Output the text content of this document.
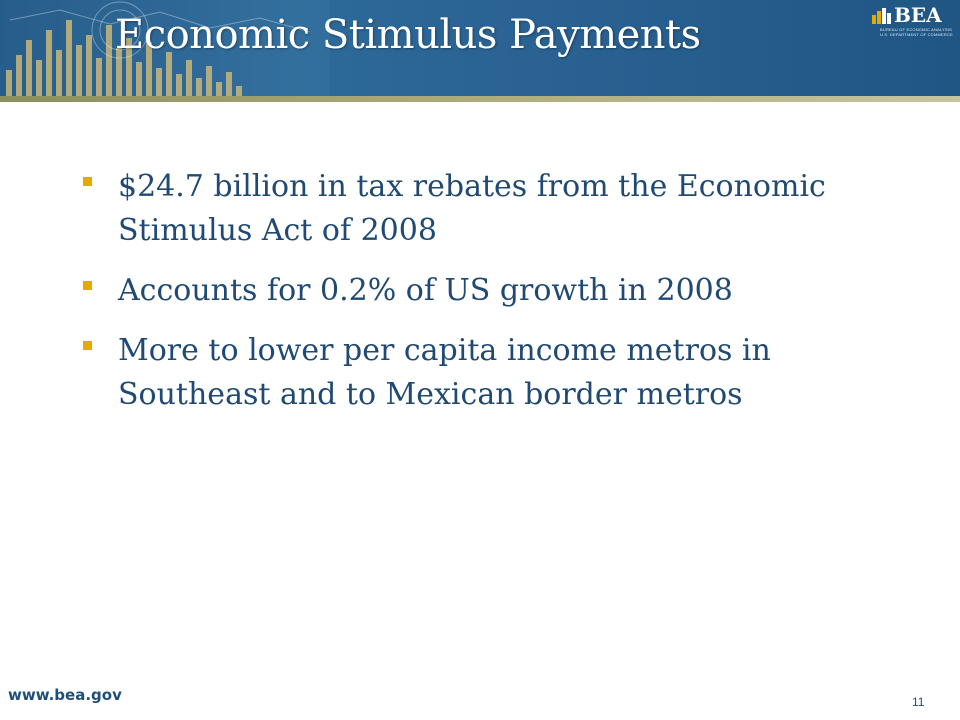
Economic Stimulus Payments	BEA
BUREAU OF ECONOMIC ANALYSIS
U.S. DEPARTMENT OF COMMERCE
$24.7 billion in tax rebates from the Economic Stimulus Act of 2008
Accounts for 0.2% of US growth in 2008
More to lower per capita income metros in Southeast and to Mexican border metros
www.bea.gov	11
